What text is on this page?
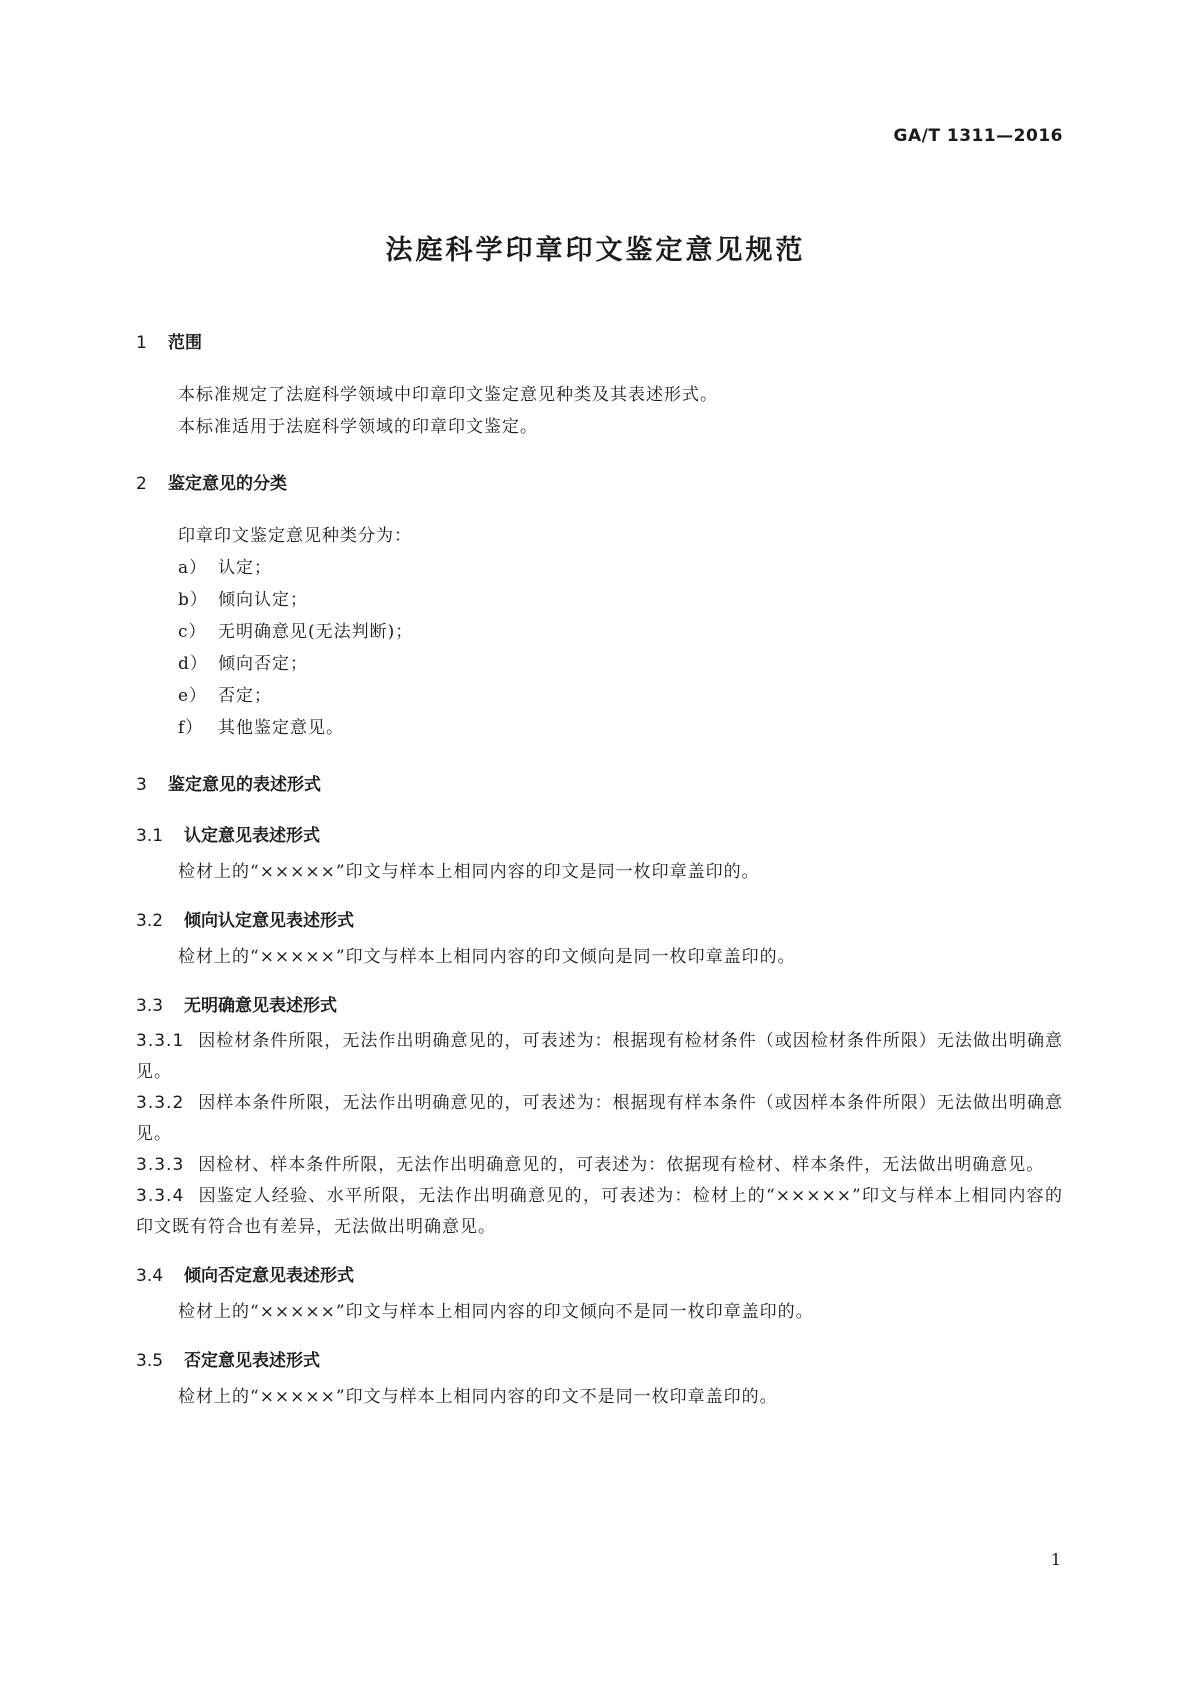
GA/T 1311—2016
法庭科学印章印文鉴定意见规范
1	范围
本标准规定了法庭科学领域中印章印文鉴定意见种类及其表述形式。
本标准适用于法庭科学领域的印章印文鉴定。
2	鉴定意见的分类
印章印文鉴定意见种类分为：
a） 认定；
b） 倾向认定；
c） 无明确意见(无法判断)；
d） 倾向否定；
e） 否定；
f） 其他鉴定意见。
3	鉴定意见的表述形式
3.1	认定意见表述形式
检材上的“×××××”印文与样本上相同内容的印文是同一枚印章盖印的。
3.2	倾向认定意见表述形式
检材上的“×××××”印文与样本上相同内容的印文倾向是同一枚印章盖印的。
3.3	无明确意见表述形式
3.3.1 因检材条件所限，无法作出明确意见的，可表述为：根据现有检材条件（或因检材条件所限）无法做出明确意见。
3.3.2 因样本条件所限，无法作出明确意见的，可表述为：根据现有样本条件（或因样本条件所限）无法做出明确意见。
3.3.3 因检材、样本条件所限，无法作出明确意见的，可表述为：依据现有检材、样本条件，无法做出明确意见。
3.3.4 因鉴定人经验、水平所限，无法作出明确意见的，可表述为：检材上的“×××××”印文与样本上相同内容的印文既有符合也有差异，无法做出明确意见。
3.4	倾向否定意见表述形式
检材上的“×××××”印文与样本上相同内容的印文倾向不是同一枚印章盖印的。
3.5	否定意见表述形式
检材上的“×××××”印文与样本上相同内容的印文不是同一枚印章盖印的。
1
